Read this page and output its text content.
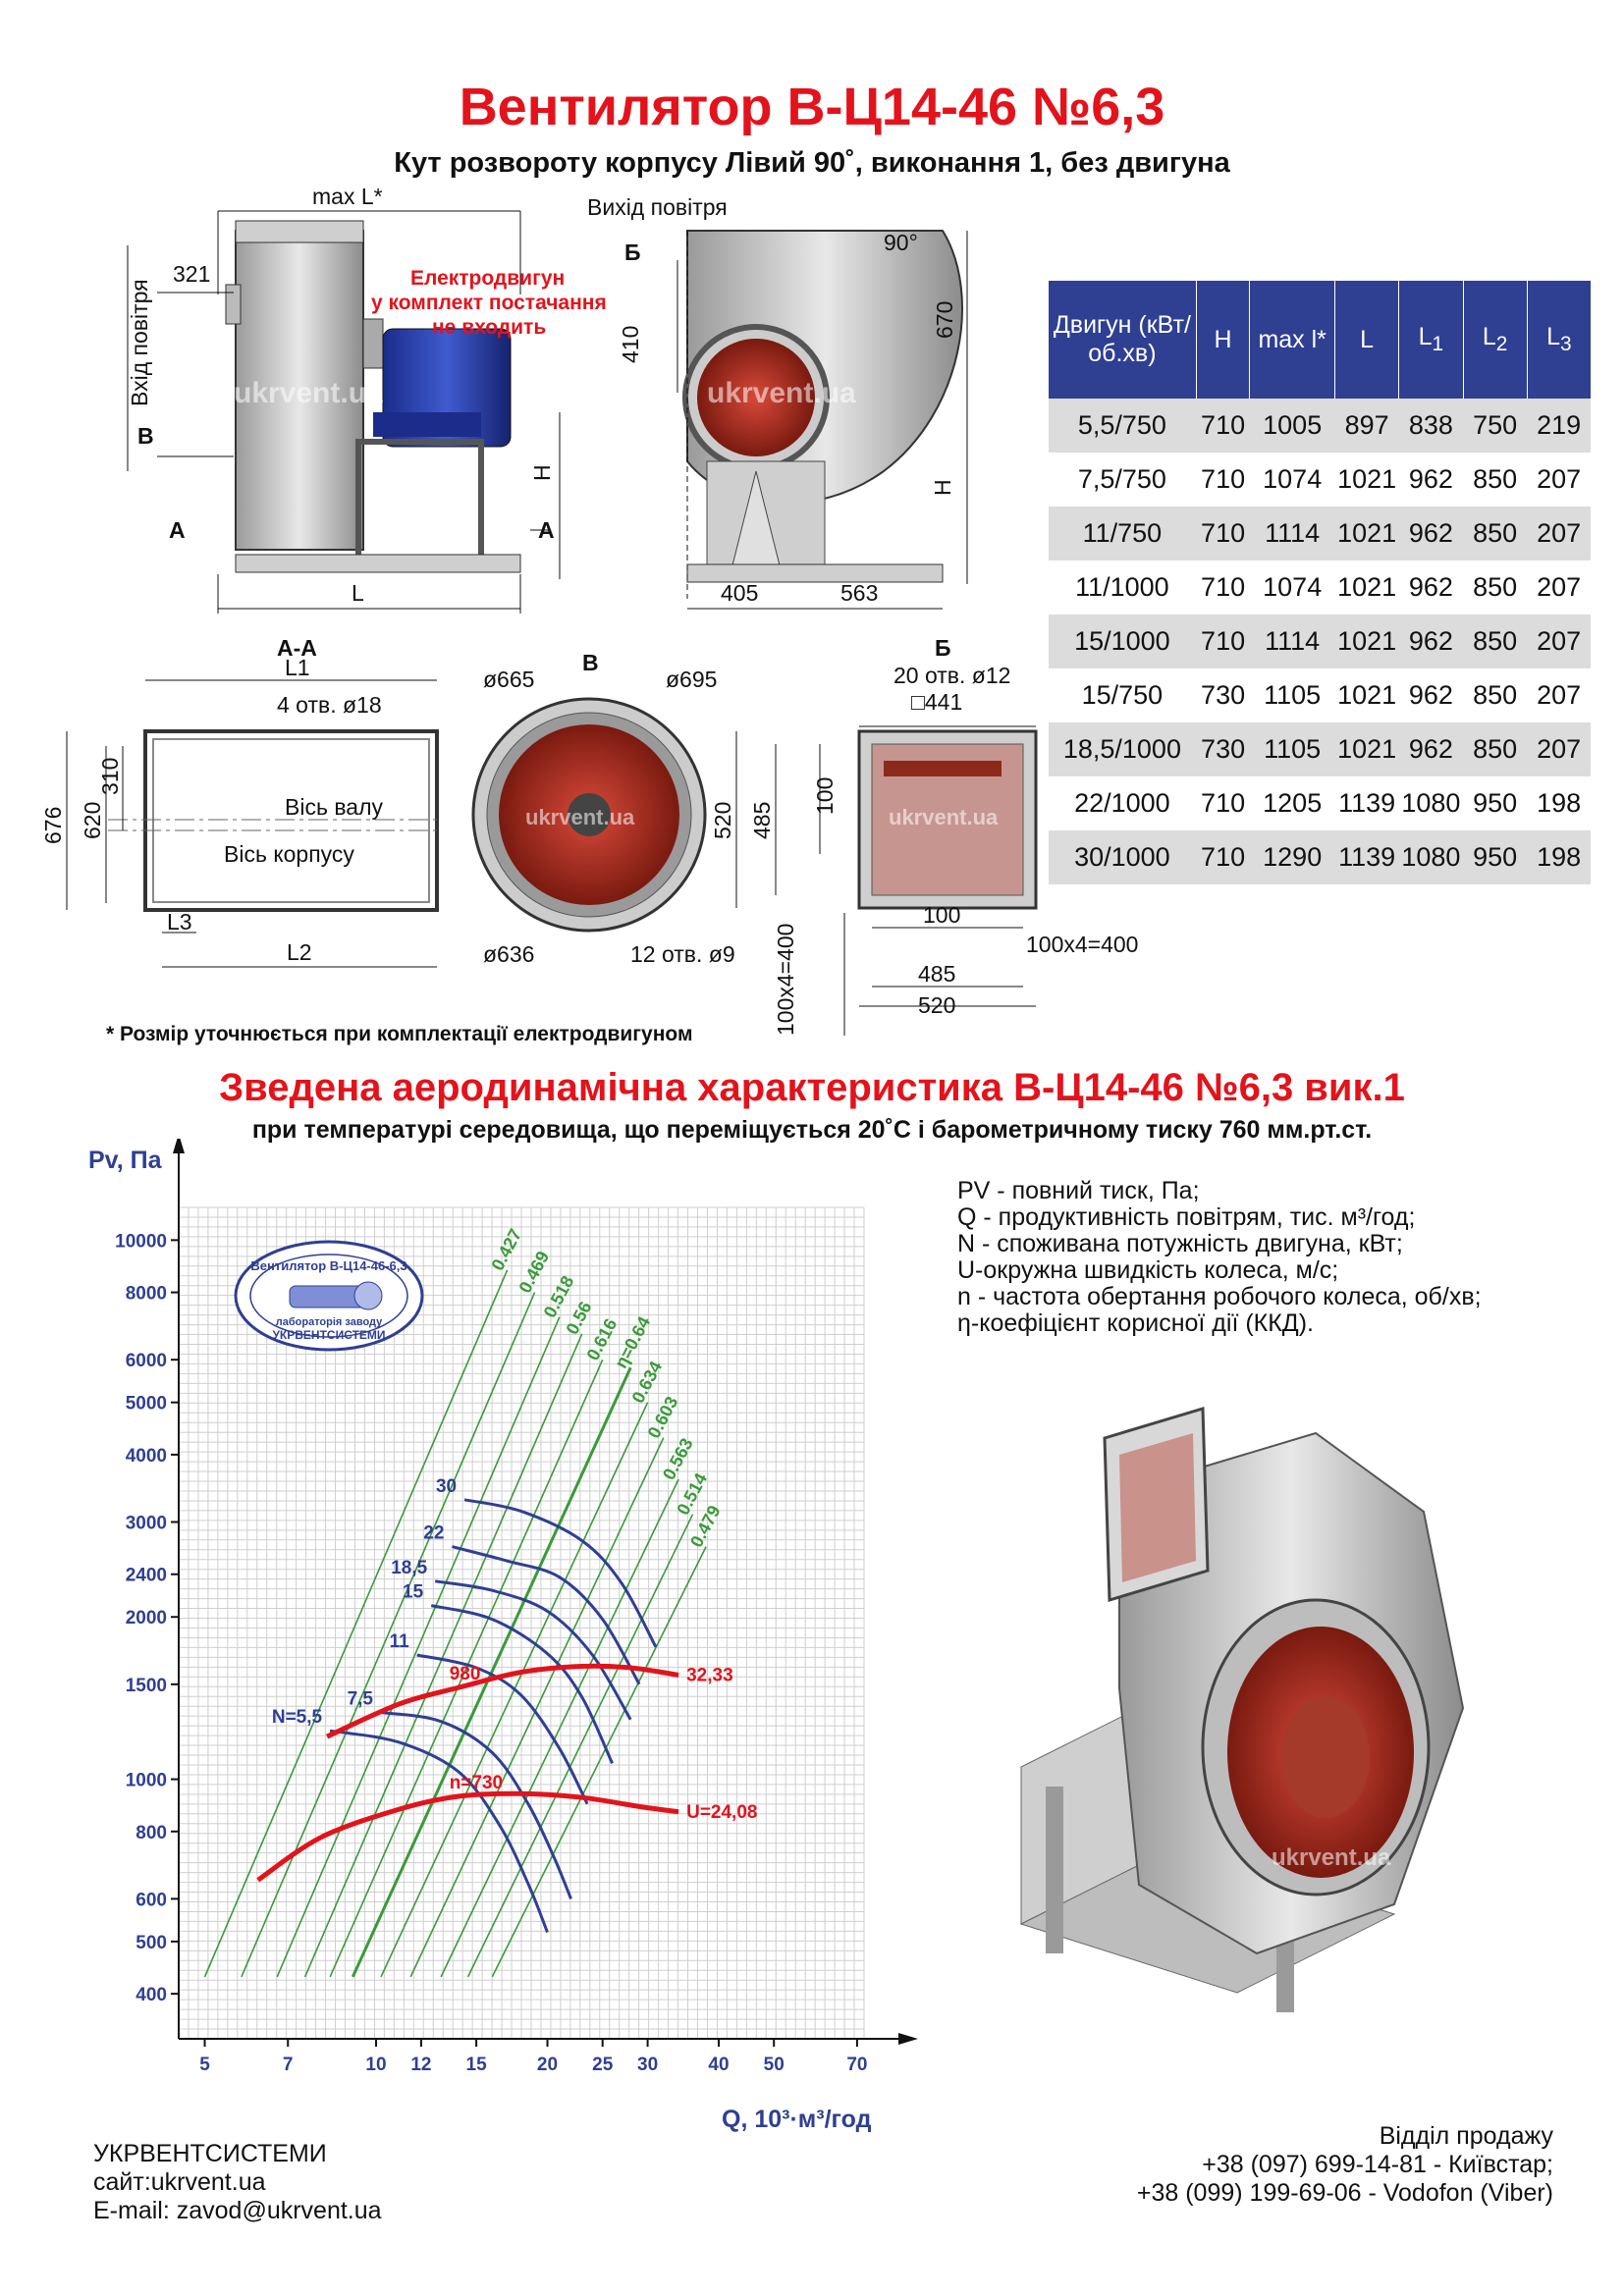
Вентилятор В-Ц14-46 №6,3
Кут розвороту корпусу Лівий 90˚, виконання 1, без двигуна
max L*
321
Вхід повітря
Електродвигун
у комплект постачання
не входить
В
А	А
H
L
ukrvent.ua
Вихід повітря
Б	90°
410
670
H
405	563
ukrvent.ua
А-А
L1
4 отв. ø18
676 620
310
Вісь валу
Вісь корпусу
L3
L2
В
ø665	ø695
ø636	12 отв. ø9
ukrvent.ua
Б
20 отв. ø12
□441
520 485
100
100
100х4=400
485
520
100х4=400
ukrvent.ua
Двигун (кВт/об.хв)	H	max l*	L	$L_1$	$L_2$	$L_3$
5,5/750	710	1005	897	838	750	219
7,5/750	710	1074	1021	962	850	207
11/750	710	1114	1021	962	850	207
11/1000	710	1074	1021	962	850	207
15/1000	710	1114	1021	962	850	207
15/750	730	1105	1021	962	850	207
18,5/1000	730	1105	1021	962	850	207
22/1000	710	1205	1139	1080	950	198
30/1000	710	1290	1139	1080	950	198
* Розмір уточнюється при комплектації електродвигуном
Зведена аеродинамічна характеристика В-Ц14-46 №6,3 вик.1
при температурі середовища, що переміщується 20˚С і барометричному тиску 760 мм.рт.ст.
0.427
0.469
0.518
0.56
0.616
η=0.64
0.634
0.603
0.563
0.514
0.479
N=5,5
7,5
11
15
18,5
22
30
n=730
U=24,08
980	32,33
400
500
600
800
1000
1500
2000
2400
3000
4000
5000
6000
8000
10000
5	7	10 12 15	20 25 30	40 50	70
Pv, Па
Q, 10³·м³/год
Вентилятор В-Ц14-46-6,3
лабораторія заводу
УКРВЕНТСИСТЕМИ
ukrvent.ua
PV - повний тиск, Па;
Q - продуктивність повітрям, тис. м³/год;
N - споживана потужність двигуна, кВт;
U-окружна швидкість колеса, м/с;
n - частота обертання робочого колеса, об/хв;
η-коефіцієнт корисної дії (ККД).
УКРВЕНТСИСТЕМИ
сайт:ukrvent.ua
E-mail: zavod@ukrvent.ua
Відділ продажу
+38 (097) 699-14-81 - Київстар;
+38 (099) 199-69-06 - Vodofon (Viber)
